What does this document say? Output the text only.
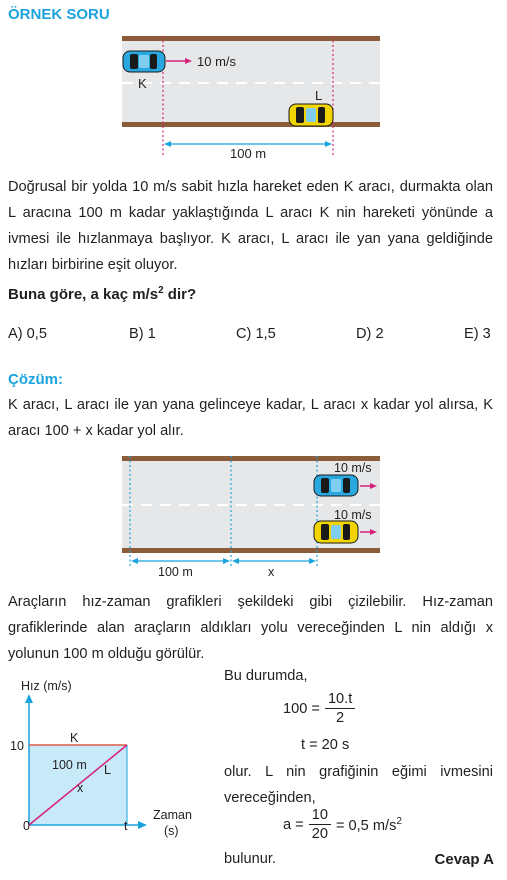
ÖRNEK SORU
10 m/s
K
L
100 m
Doğrusal bir yolda 10 m/s sabit hızla hareket eden K aracı, durmakta olan L aracına 100 m kadar yaklaştığında L aracı K nin hareketi yönünde a ivmesi ile hızlanmaya başlıyor. K aracı, L aracı ile yan yana geldiğinde hızları birbirine eşit oluyor.
Buna göre, a kaç $m/s^2$ dir?
A) 0,5	B) 1	C) 1,5	D) 2	E) 3
Çözüm:
K aracı, L aracı ile yan yana gelinceye kadar, L aracı x kadar yol alırsa, K aracı 100 + x kadar yol alır.
10 m/s
10 m/s
100 m	x
Araçların hız-zaman grafikleri şekildeki gibi çizilebilir. Hız-zaman grafiklerinde alan araçların aldıkları yolu vereceğinden L nin aldığı x yolunun 100 m olduğu görülür.
Hız (m/s)
10
0	t
Zaman
(s)
K
100 m L
x
Bu durumda,
$100 = \frac{10.t}{2}$
t = 20 s
olur. L nin grafiğinin eğimi ivmesini vereceğinden,
$a = \frac{10}{20} = 0,5$ $m/s^2$
bulunur.	Cevap A
